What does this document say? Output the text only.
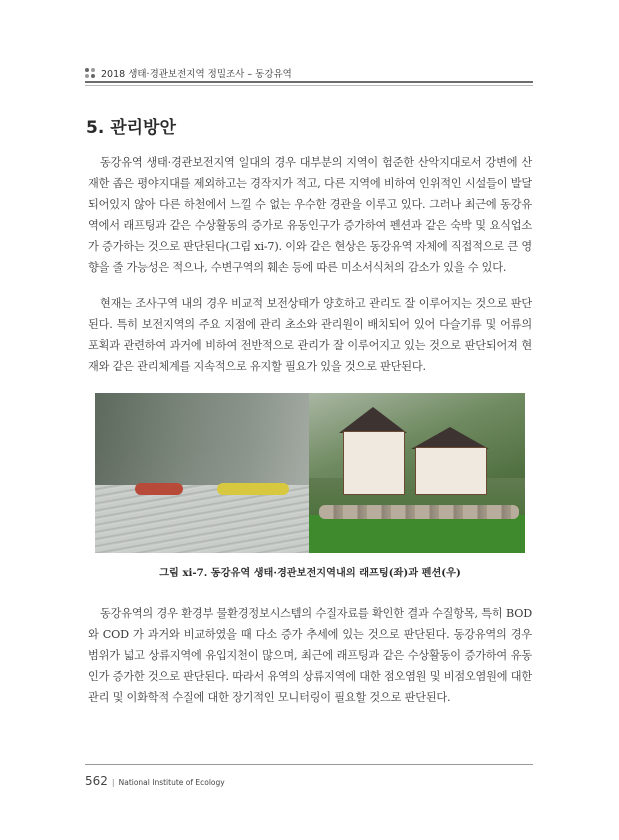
2018 생태·경관보전지역 정밀조사 – 동강유역
5. 관리방안

동강유역 생태·경관보전지역 일대의 경우 대부분의 지역이 험준한 산악지대로서 강변에 산재한 좁은 평야지대를 제외하고는 경작지가 적고, 다른 지역에 비하여 인위적인 시설들이 발달되어있지 않아 다른 하천에서 느낄 수 없는 우수한 경관을 이루고 있다. 그러나 최근에 동강유역에서 래프팅과 같은 수상활동의 증가로 유동인구가 증가하여 펜션과 같은 숙박 및 요식업소가 증가하는 것으로 판단된다(그림 xi-7). 이와 같은 현상은 동강유역 자체에 직접적으로 큰 영향을 줄 가능성은 적으나, 수변구역의 훼손 등에 따른 미소서식처의 감소가 있을 수 있다.

현재는 조사구역 내의 경우 비교적 보전상태가 양호하고 관리도 잘 이루어지는 것으로 판단된다. 특히 보전지역의 주요 지점에 관리 초소와 관리원이 배치되어 있어 다슬기류 및 어류의 포획과 관련하여 과거에 비하여 전반적으로 관리가 잘 이루어지고 있는 것으로 판단되어져 현재와 같은 관리체계를 지속적으로 유지할 필요가 있을 것으로 판단된다.

그림 xi-7. 동강유역 생태·경관보전지역내의 래프팅(좌)과 펜션(우)

동강유역의 경우 환경부 물환경정보시스템의 수질자료를 확인한 결과 수질항목, 특히 BOD 와 COD 가 과거와 비교하였을 때 다소 증가 추세에 있는 것으로 판단된다. 동강유역의 경우 범위가 넓고 상류지역에 유입지천이 많으며, 최근에 래프팅과 같은 수상활동이 증가하여 유동인가 증가한 것으로 판단된다. 따라서 유역의 상류지역에 대한 점오염원 및 비점오염원에 대한 관리 및 이화학적 수질에 대한 장기적인 모니터링이 필요할 것으로 판단된다.

562 | National Institute of Ecology
